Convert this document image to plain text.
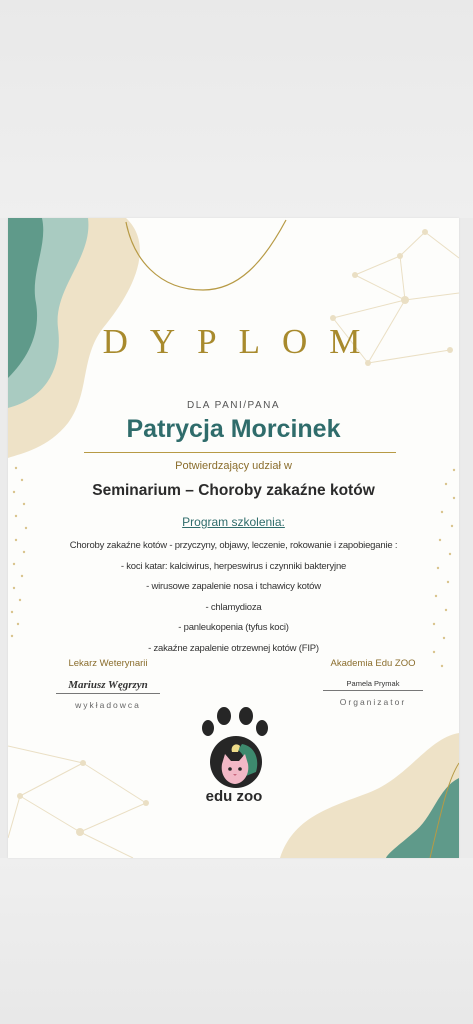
DYPLOM
DLA PANI/PANA
Patrycja Morcinek
Potwierdzający udział w
Seminarium – Choroby zakaźne kotów
Program szkolenia:
Choroby zakaźne kotów - przyczyny, objawy, leczenie, rokowanie i zapobieganie :
- koci katar: kalciwirus, herpeswirus i czynniki bakteryjne
- wirusowe zapalenie nosa i tchawicy kotów
- chlamydioza
- panleukopenia (tyfus koci)
- zakaźne zapalenie otrzewnej kotów (FIP)
Lekarz Weterynarii
Mariusz Węgrzyn
wykładowca
Akademia Edu ZOO
Pamela Prymak
Organizator
edu zoo
